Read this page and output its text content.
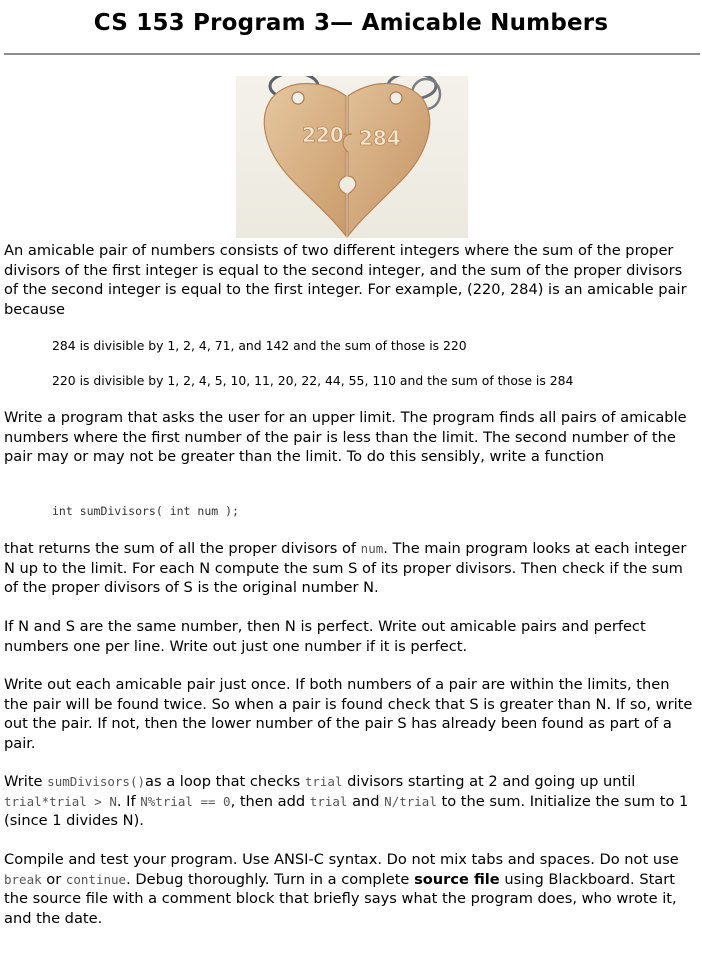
CS 153 Program 3— Amicable Numbers
220 284

An amicable pair of numbers consists of two different integers where the sum of the proper divisors of the first integer is equal to the second integer, and the sum of the proper divisors of the second integer is equal to the first integer. For example, (220, 284) is an amicable pair because

284 is divisible by 1, 2, 4, 71, and 142 and the sum of those is 220

220 is divisible by 1, 2, 4, 5, 10, 11, 20, 22, 44, 55, 110 and the sum of those is 284

Write a program that asks the user for an upper limit. The program finds all pairs of amicable numbers where the first number of the pair is less than the limit. The second number of the pair may or may not be greater than the limit. To do this sensibly, write a function

int sumDivisors( int num );

that returns the sum of all the proper divisors of num. The main program looks at each integer N up to the limit. For each N compute the sum S of its proper divisors. Then check if the sum of the proper divisors of S is the original number N.

If N and S are the same number, then N is perfect. Write out amicable pairs and perfect numbers one per line. Write out just one number if it is perfect.

Write out each amicable pair just once. If both numbers of a pair are within the limits, then the pair will be found twice. So when a pair is found check that S is greater than N. If so, write out the pair. If not, then the lower number of the pair S has already been found as part of a pair.

Write sumDivisors()as a loop that checks trial divisors starting at 2 and going up until trial*trial > N. If N%trial == 0, then add trial and N/trial to the sum. Initialize the sum to 1 (since 1 divides N).

Compile and test your program. Use ANSI-C syntax. Do not mix tabs and spaces. Do not use break or continue. Debug thoroughly. Turn in a complete source file using Blackboard. Start the source file with a comment block that briefly says what the program does, who wrote it, and the date.
